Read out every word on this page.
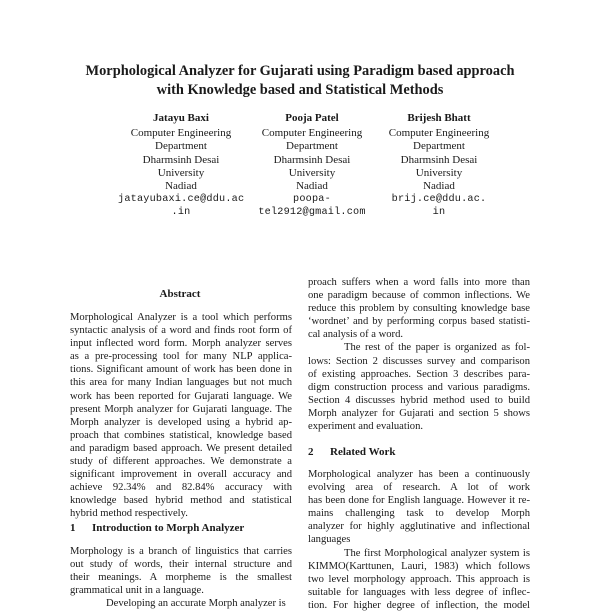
Morphological Analyzer for Gujarati using Paradigm based approach
with Knowledge based and Statistical Methods
Jatayu Baxi
Computer Engineering
Department
Dharmsinh Desai
University
Nadiad
jatayubaxi.ce@ddu.ac
.in
Pooja Patel
Computer Engineering
Department
Dharmsinh Desai
University
Nadiad
poopa-
tel2912@gmail.com
Brijesh Bhatt
Computer Engineering
Department
Dharmsinh Desai
University
Nadiad
brij.ce@ddu.ac.
in
Abstract

Morphological Analyzer is a tool which performs
syntactic analysis of a word and finds root form of
input inflected word form. Morph analyzer serves
as a pre-processing tool for many NLP applica-
tions. Significant amount of work has been done in
this area for many Indian languages but not much
work has been reported for Gujarati language. We
present Morph analyzer for Gujarati language. The
Morph analyzer is developed using a hybrid ap-
proach that combines statistical, knowledge based
and paradigm based approach. We present detailed
study of different approaches. We demonstrate a
significant improvement in overall accuracy and
achieve 92.34% and 82.84% accuracy with
knowledge based hybrid method and statistical
hybrid method respectively.

1 Introduction to Morph Analyzer

Morphology is a branch of linguistics that carries
out study of words, their internal structure and
their meanings. A morpheme is the smallest
grammatical unit in a language.

Developing an accurate Morph analyzer is

proach suffers when a word falls into more than
one paradigm because of common inflections. We
reduce this problem by consulting knowledge base
‘wordnet’ and by performing corpus based statisti-
cal analysis of a word.

The rest of the paper is organized as fol-
lows: Section 2 discusses survey and comparison
of existing approaches. Section 3 describes para-
digm construction process and various paradigms.
Section 4 discusses hybrid method used to build
Morph analyzer for Gujarati and section 5 shows
experiment and evaluation.

2 Related Work

Morphological analyzer has been a continuously
evolving area of research. A lot of work
has been done for English language. However it re-
mains challenging task to develop Morph
analyzer for highly agglutinative and inflectional
languages

The first Morphological analyzer system is
KIMMO(Karttunen, Lauri, 1983) which follows
two level morphology approach. This approach is
suitable for languages with less degree of inflec-
tion. For higher degree of inflection, the model
